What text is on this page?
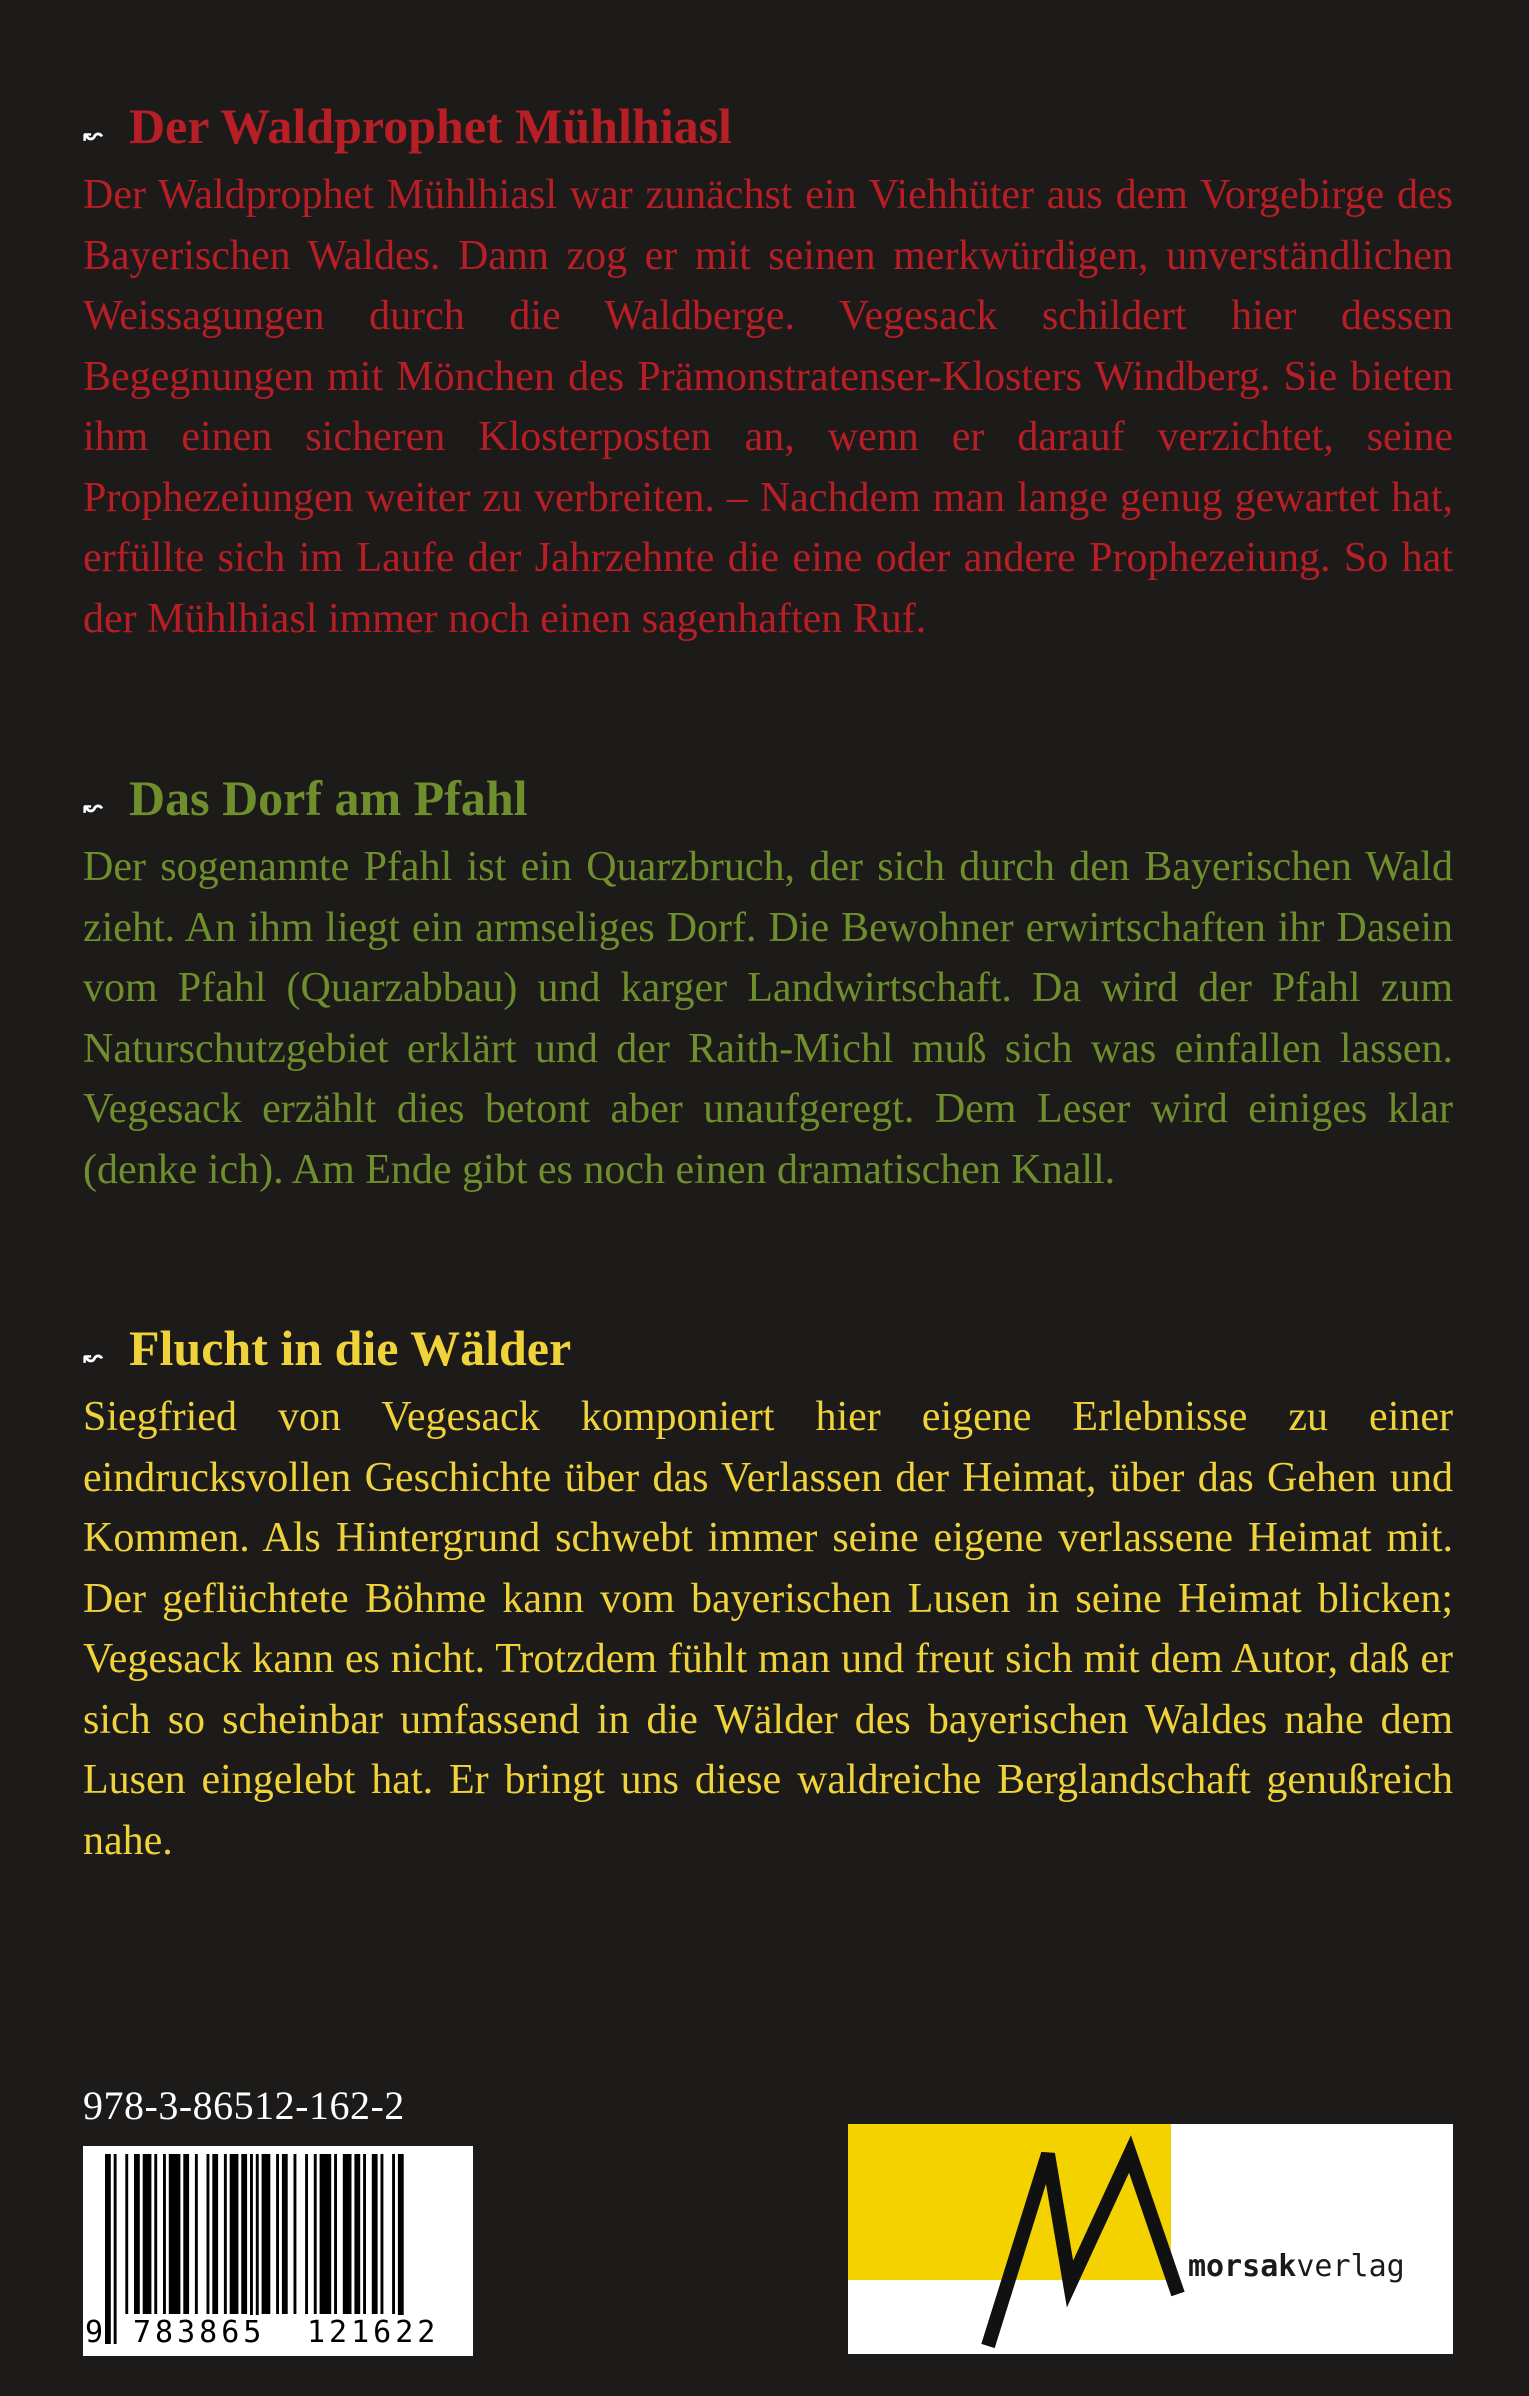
↜ Der Waldprophet Mühlhiasl

Der Waldprophet Mühlhiasl war zunächst ein Viehhüter aus dem Vorgebirge des Bayerischen Waldes. Dann zog er mit seinen merkwürdigen, unverständlichen Weissagungen durch die Waldberge. Vegesack schildert hier dessen Begegnungen mit Mönchen des Prämonstratenser-Klosters Windberg. Sie bieten ihm einen sicheren Klosterposten an, wenn er darauf verzichtet, seine Prophezeiungen weiter zu verbreiten. – Nachdem man lange genug gewartet hat, erfüllte sich im Laufe der Jahrzehnte die eine oder andere Prophezeiung. So hat der Mühlhiasl immer noch einen sagenhaften Ruf.

↜ Das Dorf am Pfahl

Der sogenannte Pfahl ist ein Quarzbruch, der sich durch den Bayerischen Wald zieht. An ihm liegt ein armseliges Dorf. Die Bewohner erwirtschaften ihr Dasein vom Pfahl (Quarzabbau) und karger Landwirtschaft. Da wird der Pfahl zum Naturschutzgebiet erklärt und der Raith-Michl muß sich was einfallen lassen. Vegesack erzählt dies betont aber unaufgeregt. Dem Leser wird einiges klar (denke ich). Am Ende gibt es noch einen dramatischen Knall.

↜ Flucht in die Wälder

Siegfried von Vegesack komponiert hier eigene Erlebnisse zu einer eindrucksvollen Geschichte über das Verlassen der Heimat, über das Gehen und Kommen. Als Hintergrund schwebt immer seine eigene verlassene Heimat mit. Der geflüchtete Böhme kann vom bayerischen Lusen in seine Heimat blicken; Vegesack kann es nicht. Trotzdem fühlt man und freut sich mit dem Autor, daß er sich so scheinbar umfassend in die Wälder des bayerischen Waldes nahe dem Lusen eingelebt hat. Er bringt uns diese waldreiche Berglandschaft genußreich nahe.

978-3-86512-162-2
9 783865 121622
morsakverlag
